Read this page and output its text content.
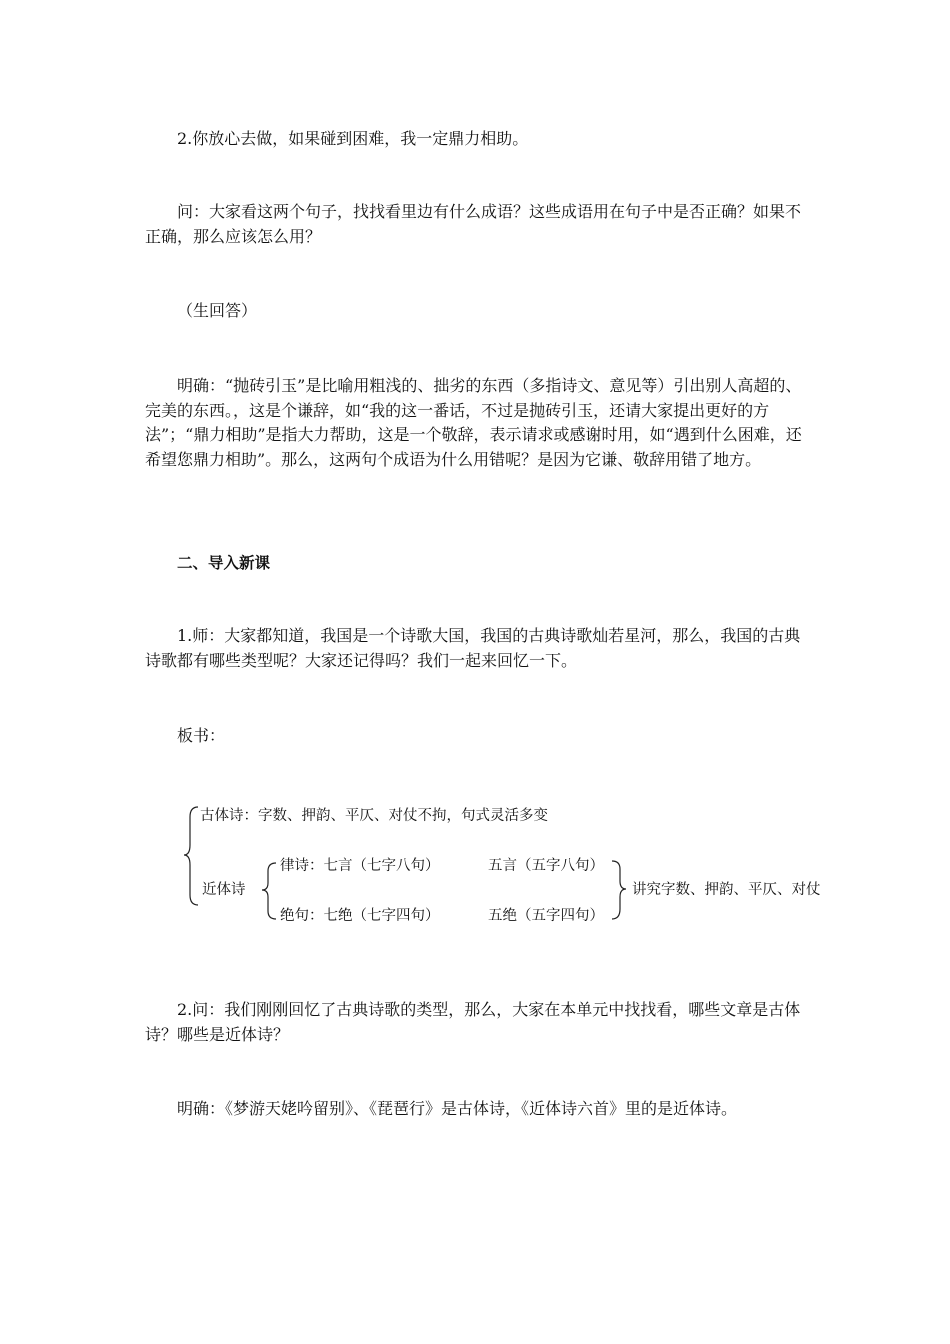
2.你放心去做，如果碰到困难，我一定鼎力相助。

问：大家看这两个句子，找找看里边有什么成语？这些成语用在句子中是否正确？如果不正确，那么应该怎么用？

（生回答）

明确：“抛砖引玉”是比喻用粗浅的、拙劣的东西（多指诗文、意见等）引出别人高超的、完美的东西。，这是个谦辞，如“我的这一番话，不过是抛砖引玉，还请大家提出更好的方法”；“鼎力相助”是指大力帮助，这是一个敬辞，表示请求或感谢时用，如“遇到什么困难，还希望您鼎力相助”。那么，这两句个成语为什么用错呢？是因为它谦、敬辞用错了地方。

二、导入新课

1.师：大家都知道，我国是一个诗歌大国，我国的古典诗歌灿若星河，那么，我国的古典诗歌都有哪些类型呢？大家还记得吗？我们一起来回忆一下。

板书：

古体诗：字数、押韵、平仄、对仗不拘，句式灵活多变
近体诗
律诗：七言（七字八句）	五言（五字八句）
绝句：七绝（七字四句）	五绝（五字四句）
讲究字数、押韵、平仄、对仗

2.问：我们刚刚回忆了古典诗歌的类型，那么，大家在本单元中找找看，哪些文章是古体诗？哪些是近体诗？

明确：《梦游天姥吟留别》、《琵琶行》是古体诗，《近体诗六首》里的是近体诗。
